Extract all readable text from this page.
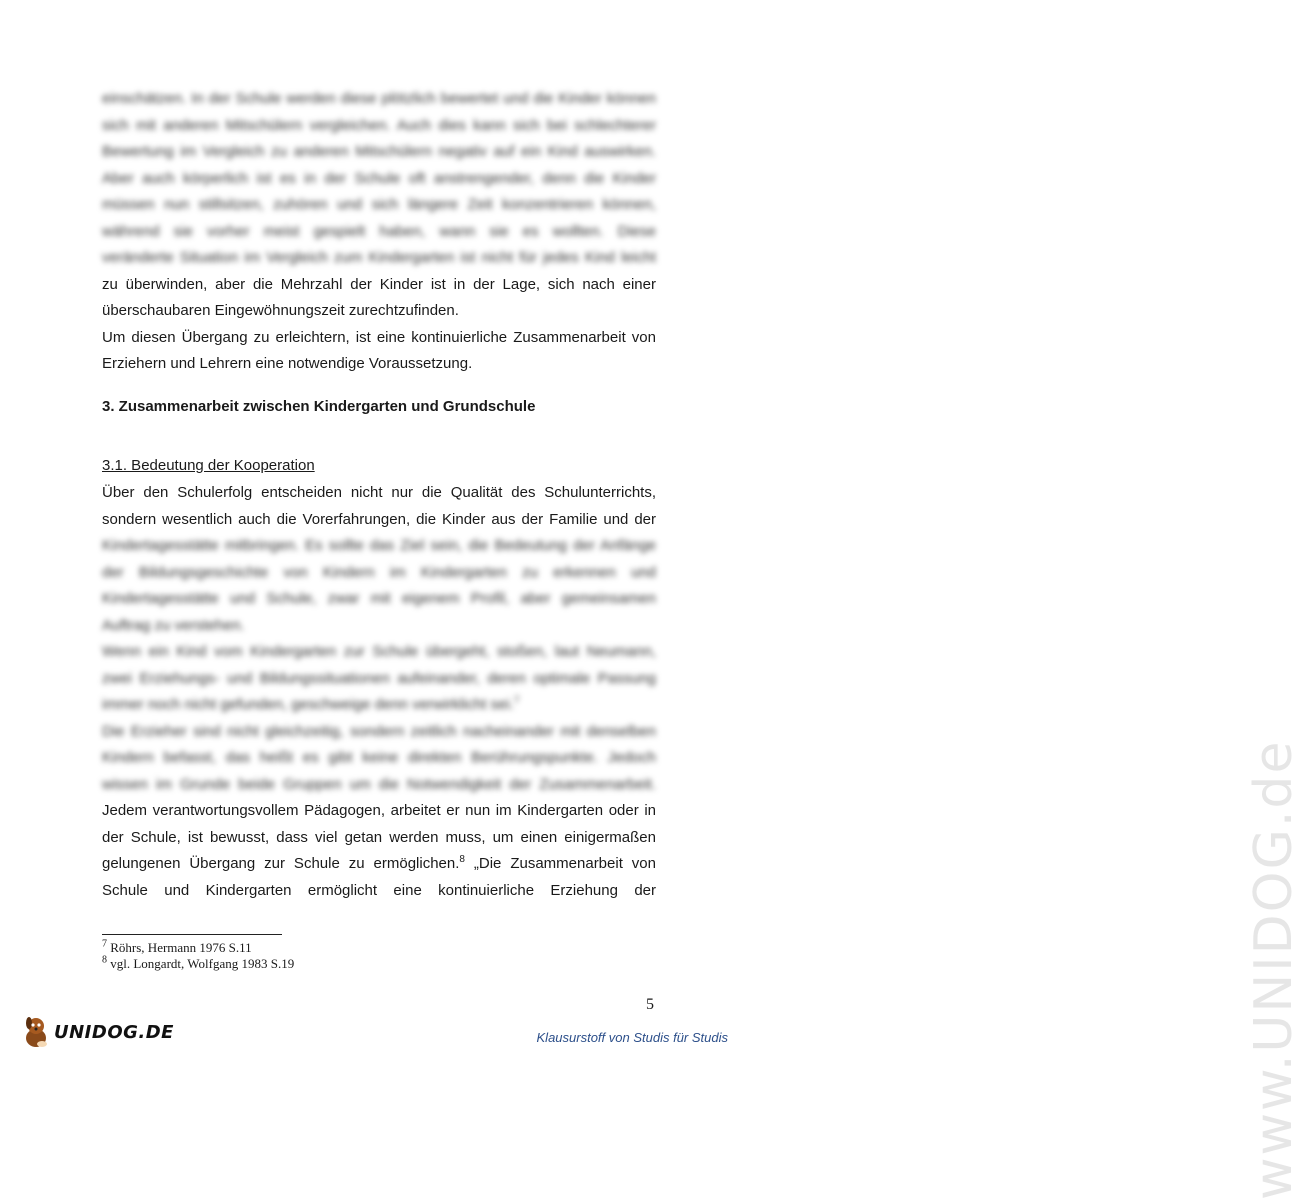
www.UNIDOG.de
einschätzen. In der Schule werden diese plötzlich bewertet und die Kinder können
sich mit anderen Mitschülern vergleichen. Auch dies kann sich bei schlechterer
Bewertung im Vergleich zu anderen Mitschülern negativ auf ein Kind auswirken.
Aber auch körperlich ist es in der Schule oft anstrengender, denn die Kinder
müssen nun stillsitzen, zuhören und sich längere Zeit konzentrieren können,
während sie vorher meist gespielt haben, wann sie es wollten. Diese
veränderte Situation im Vergleich zum Kindergarten ist nicht für jedes Kind leicht
zu überwinden, aber die Mehrzahl der Kinder ist in der Lage, sich nach einer
überschaubaren Eingewöhnungszeit zurechtzufinden.
Um diesen Übergang zu erleichtern, ist eine kontinuierliche Zusammenarbeit von
Erziehern und Lehrern eine notwendige Voraussetzung.
3. Zusammenarbeit zwischen Kindergarten und Grundschule
3.1. Bedeutung der Kooperation
Über den Schulerfolg entscheiden nicht nur die Qualität des Schulunterrichts,
sondern wesentlich auch die Vorerfahrungen, die Kinder aus der Familie und der
Kindertagesstätte mitbringen. Es sollte das Ziel sein, die Bedeutung der Anfänge
der Bildungsgeschichte von Kindern im Kindergarten zu erkennen und
Kindertagesstätte und Schule, zwar mit eigenem Profil, aber gemeinsamen
Auftrag zu verstehen.
Wenn ein Kind vom Kindergarten zur Schule übergeht, stoßen, laut Neumann,
zwei Erziehungs- und Bildungssituationen aufeinander, deren optimale Passung
immer noch nicht gefunden, geschweige denn verwirklicht sei.$^7$
Die Erzieher sind nicht gleichzeitig, sondern zeitlich nacheinander mit denselben
Kindern befasst, das heißt es gibt keine direkten Berührungspunkte. Jedoch
wissen im Grunde beide Gruppen um die Notwendigkeit der Zusammenarbeit.
Jedem verantwortungsvollem Pädagogen, arbeitet er nun im Kindergarten oder in
der Schule, ist bewusst, dass viel getan werden muss, um einen einigermaßen
gelungenen Übergang zur Schule zu ermöglichen.$^8$ „Die Zusammenarbeit von
Schule und Kindergarten ermöglicht eine kontinuierliche Erziehung der
$^7$ Röhrs, Hermann 1976 S.11
$^8$ vgl. Longardt, Wolfgang 1983 S.19
5
UNIDOG.DE	Klausurstoff von Studis für Studis
